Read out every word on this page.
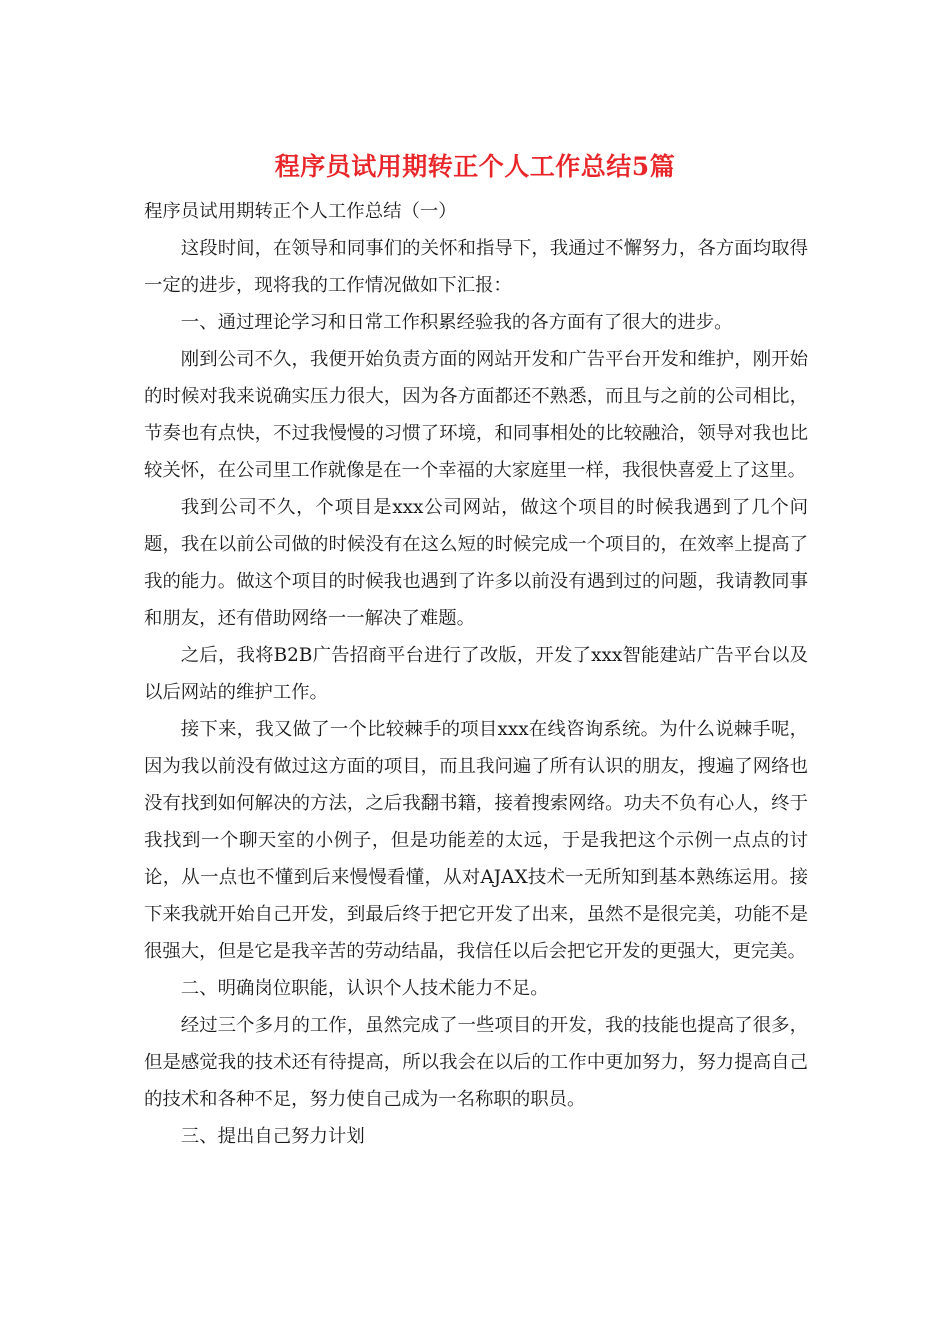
程序员试用期转正个人工作总结5篇

程序员试用期转正个人工作总结（一）

这段时间，在领导和同事们的关怀和指导下，我通过不懈努力，各方面均取得一定的进步，现将我的工作情况做如下汇报：

一、通过理论学习和日常工作积累经验我的各方面有了很大的进步。

刚到公司不久，我便开始负责方面的网站开发和广告平台开发和维护，刚开始的时候对我来说确实压力很大，因为各方面都还不熟悉，而且与之前的公司相比，节奏也有点快，不过我慢慢的习惯了环境，和同事相处的比较融洽，领导对我也比较关怀，在公司里工作就像是在一个幸福的大家庭里一样，我很快喜爱上了这里。

我到公司不久，个项目是xxx公司网站，做这个项目的时候我遇到了几个问题，我在以前公司做的时候没有在这么短的时候完成一个项目的，在效率上提高了我的能力。做这个项目的时候我也遇到了许多以前没有遇到过的问题，我请教同事和朋友，还有借助网络一一解决了难题。

之后，我将B2B广告招商平台进行了改版，开发了xxx智能建站广告平台以及以后网站的维护工作。

接下来，我又做了一个比较棘手的项目xxx在线咨询系统。为什么说棘手呢，因为我以前没有做过这方面的项目，而且我问遍了所有认识的朋友，搜遍了网络也没有找到如何解决的方法，之后我翻书籍，接着搜索网络。功夫不负有心人，终于我找到一个聊天室的小例子，但是功能差的太远，于是我把这个示例一点点的讨论，从一点也不懂到后来慢慢看懂，从对AJAX技术一无所知到基本熟练运用。接下来我就开始自己开发，到最后终于把它开发了出来，虽然不是很完美，功能不是很强大，但是它是我辛苦的劳动结晶，我信任以后会把它开发的更强大，更完美。

二、明确岗位职能，认识个人技术能力不足。

经过三个多月的工作，虽然完成了一些项目的开发，我的技能也提高了很多，但是感觉我的技术还有待提高，所以我会在以后的工作中更加努力，努力提高自己的技术和各种不足，努力使自己成为一名称职的职员。

三、提出自己努力计划
